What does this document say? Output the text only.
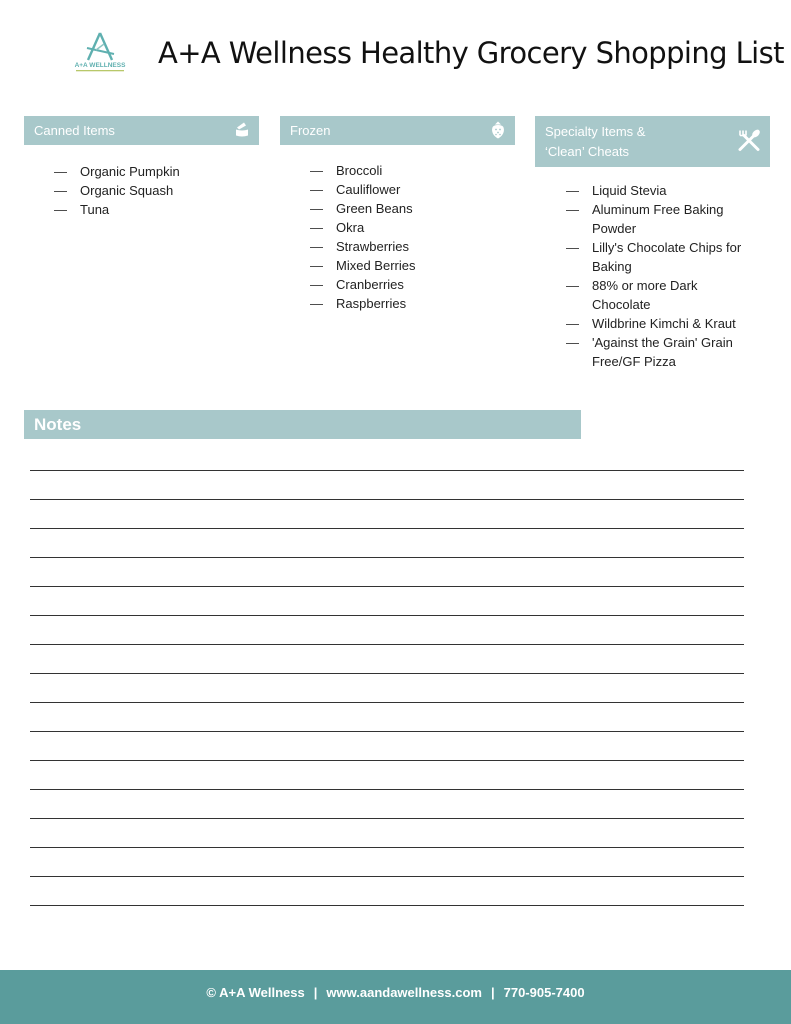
A+A WELLNESS A+A Wellness Healthy Grocery Shopping List
Canned Items
— Organic Pumpkin
— Organic Squash
— Tuna
Frozen
— Broccoli
— Cauliflower
— Green Beans
— Okra
— Strawberries
— Mixed Berries
— Cranberries
— Raspberries
Specialty Items &
‘Clean’ Cheats
— Liquid Stevia
— Aluminum Free Baking
Powder
— Lilly's Chocolate Chips for
Baking
— 88% or more Dark
Chocolate
— Wildbrine Kimchi & Kraut
— 'Against the Grain' Grain
Free/GF Pizza
Notes
© A+A Wellness | www.aandawellness.com | 770-905-7400
